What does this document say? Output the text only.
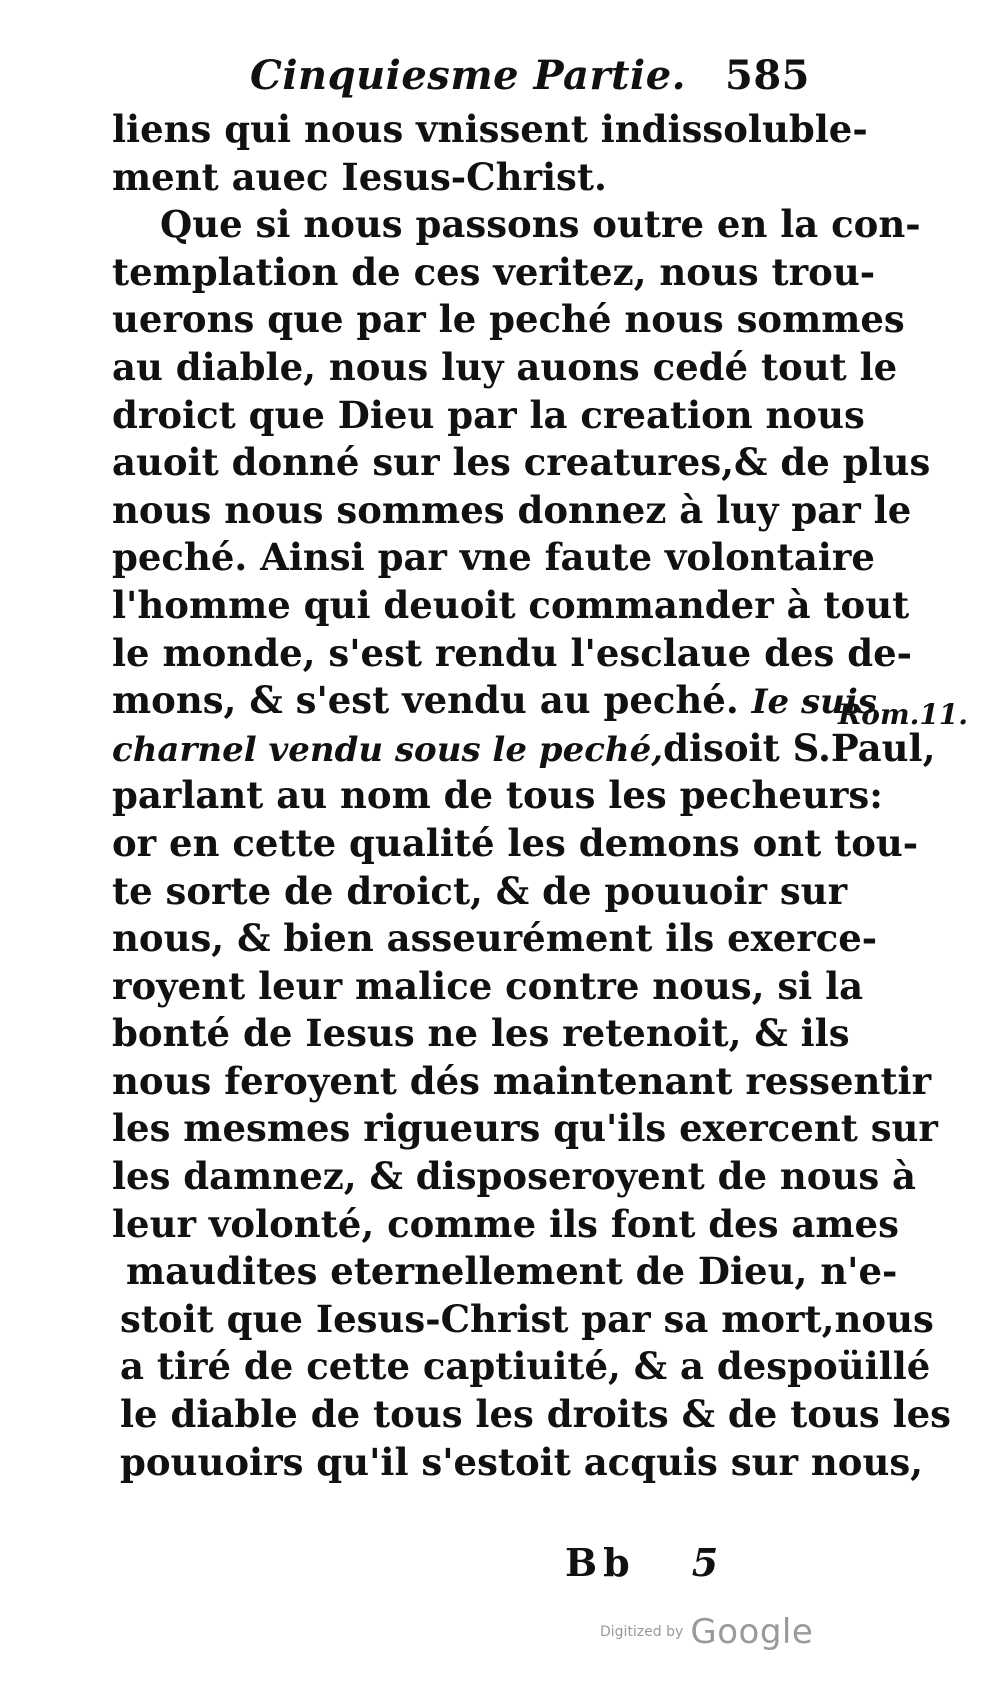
Cinquiesme Partie. 585
liens qui nous vnissent indissoluble-
ment auec Iesus-Christ.
Que si nous passons outre en la con-
templation de ces veritez, nous trou-
uerons que par le peché nous sommes
au diable, nous luy auons cedé tout le
droict que Dieu par la creation nous
auoit donné sur les creatures,& de plus
nous nous sommes donnez à luy par le
peché. Ainsi par vne faute volontaire
l'homme qui deuoit commander à tout
le monde, s'est rendu l'esclaue des de-
mons, & s'est vendu au peché. Ie suis
charnel vendu sous le peché,disoit S.Paul,
parlant au nom de tous les pecheurs:
or en cette qualité les demons ont tou-
te sorte de droict, & de pouuoir sur
nous, & bien asseurément ils exerce-
royent leur malice contre nous, si la
bonté de Iesus ne les retenoit, & ils
nous feroyent dés maintenant ressentir
les mesmes rigueurs qu'ils exercent sur
les damnez, & disposeroyent de nous à
leur volonté, comme ils font des ames
maudites eternellement de Dieu, n'e-
stoit que Iesus-Christ par sa mort,nous
a tiré de cette captiuité, & a despoüillé
le diable de tous les droits & de tous les
pouuoirs qu'il s'estoit acquis sur nous,
Rom.11.
Bb 5
Digitized by Google
